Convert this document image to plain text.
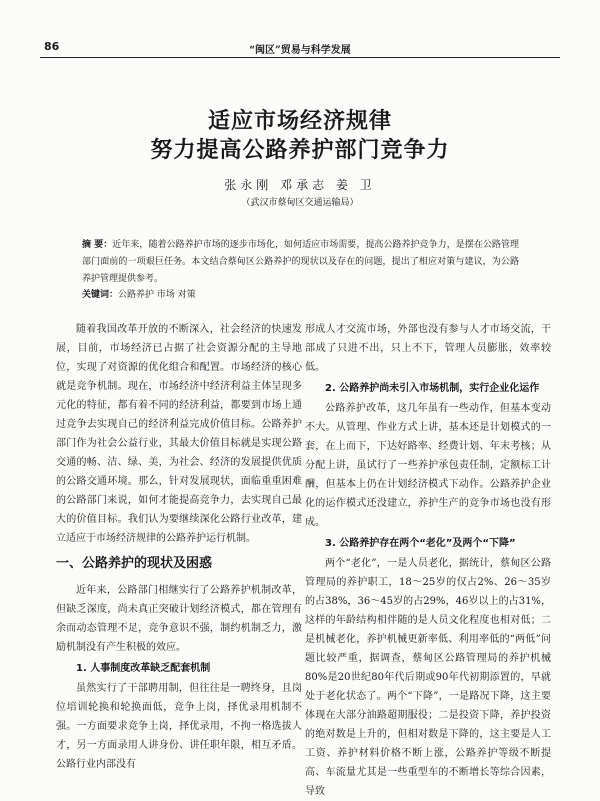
86	“闽区”贸易与科学发展
适应市场经济规律
努力提高公路养护部门竞争力
张永刚 邓承志 姜 卫
（武汉市蔡甸区交通运输局）

摘 要：近年来，随着公路养护市场的逐步市场化，如何适应市场需要，提高公路养护竞争力，是摆在公路管理部门面前的一项艰巨任务。本文结合蔡甸区公路养护的现状以及存在的问题，提出了相应对策与建议，为公路养护管理提供参考。

关键词：公路养护 市场 对策

随着我国改革开放的不断深入，社会经济的快速发展，目前，市场经济已占据了社会资源分配的主导地位，实现了对资源的优化组合和配置。市场经济的核心就是竞争机制。现在，市场经济中经济利益主体呈现多元化的特征，都有着不同的经济利益，都要到市场上通过竞争去实现自己的经济利益完成价值目标。公路养护部门作为社会公益行业，其最大价值目标就是实现公路交通的畅、洁、绿、美，为社会、经济的发展提供优质的公路交通环境。那么，针对发展现状，面临重重困难的公路部门来说，如何才能提高竞争力，去实现自己最大的价值目标。我们认为要继续深化公路行业改革，建立适应于市场经济规律的公路养护运行机制。

一、公路养护的现状及困惑

近年来，公路部门相继实行了公路养护机制改革，但缺乏深度，尚未真正突破计划经济模式，都在管理有余而动态管理不足，竞争意识不强，制约机制乏力，激励机制没有产生积极的效应。

1. 人事制度改革缺乏配套机制

虽然实行了干部聘用制，但往往是一聘终身，且岗位培训轮换和轮换面低，竞争上岗，择优录用机制不强。一方面要求竞争上岗，择优录用，不拘一格选拔人才，另一方面录用人讲身份、讲任职年限，相互矛盾。公路行业内部没有

形成人才交流市场，外部也没有参与人才市场交流，干部成了只进不出，只上不下，管理人员膨胀，效率较低。

2. 公路养护尚未引入市场机制，实行企业化运作

公路养护改革，这几年虽有一些动作，但基本变动不大。从管理、作业方式上讲，基本还是计划模式的一套，在上而下，下达好路率、经费计划、年末考核；从分配上讲，虽试行了一些养护承包责任制，定额标工计酬，但基本上仍在计划经济模式下动作。公路养护企业化的运作模式还没建立，养护生产的竞争市场也没有形成。

3. 公路养护存在两个“老化”及两个“下降”

两个“老化”，一是人员老化，据统计，蔡甸区公路管理局的养护职工，18～25岁的仅占2%、26～35岁的占38%，36～45岁的占29%，46岁以上的占31%，这样的年龄结构相伴随的是人员文化程度也相对低；二是机械老化，养护机械更新率低、利用率低的“两低”问题比较严重，据调查，蔡甸区公路管理局的养护机械80%是20世纪80年代后期或90年代初期添置的，早就处于老化状态了。两个“下降”，一是路况下降，这主要体现在大部分油路超期服役；二是投资下降，养护投资的绝对数是上升的，但相对数是下降的，这主要是人工工资、养护材料价格不断上涨，公路养护等级不断提高、车流量尤其是一些重型车的不断增长等综合因素，导致
